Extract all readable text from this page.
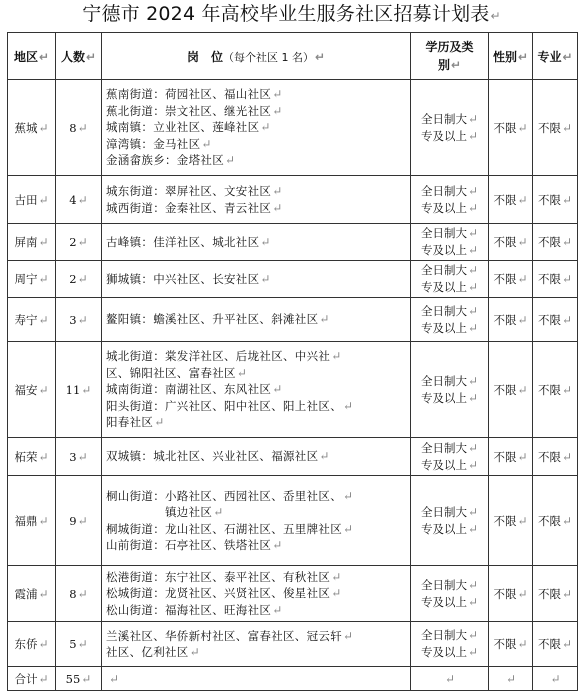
宁德市 2024 年高校毕业生服务社区招募计划表↵
地区↵	人数↵	岗　位（每个社区 1 名）↵	学历及类
别↵	性别↵	专业↵
蕉城↵	8↵	蕉南街道：荷园社区、福山社区↵
蕉北街道：崇文社区、继光社区↵
城南镇：立业社区、莲峰社区↵
漳湾镇：金马社区↵
金涵畲族乡：金塔社区↵	全日制大↵
专及以上↵	不限↵	不限↵
古田↵	4↵	城东街道：翠屏社区、文安社区↵
城西街道：金秦社区、青云社区↵	全日制大↵
专及以上↵	不限↵	不限↵
屏南↵	2↵	古峰镇：佳洋社区、城北社区↵	全日制大↵
专及以上↵	不限↵	不限↵
周宁↵	2↵	狮城镇：中兴社区、长安社区↵	全日制大↵
专及以上↵	不限↵	不限↵
寿宁↵	3↵	鳌阳镇：蟾溪社区、升平社区、斜滩社区↵	全日制大↵
专及以上↵	不限↵	不限↵
福安↵	11↵	城北街道：棠发洋社区、后垅社区、中兴社↵
区、锦阳社区、富春社区↵
城南街道：南湖社区、东风社区↵
阳头街道：广兴社区、阳中社区、阳上社区、↵
阳春社区↵	全日制大↵
专及以上↵	不限↵	不限↵
柘荣↵	3↵	双城镇：城北社区、兴业社区、福源社区↵	全日制大↵
专及以上↵	不限↵	不限↵
福鼎↵	9↵	桐山街道：小路社区、西园社区、岙里社区、↵
　　　　　镇边社区↵
桐城街道：龙山社区、石湖社区、五里牌社区↵
山前街道：石亭社区、铁塔社区↵	全日制大↵
专及以上↵	不限↵	不限↵
霞浦↵	8↵	松港街道：东宁社区、泰平社区、有秋社区↵
松城街道：龙贤社区、兴贤社区、俊星社区↵
松山街道：福海社区、旺海社区↵	全日制大↵
专及以上↵	不限↵	不限↵
东侨↵	5↵	兰溪社区、华侨新村社区、富春社区、冠云轩↵
社区、亿利社区↵	全日制大↵
专及以上↵	不限↵	不限↵
合计↵	55↵	↵	↵	↵	↵
